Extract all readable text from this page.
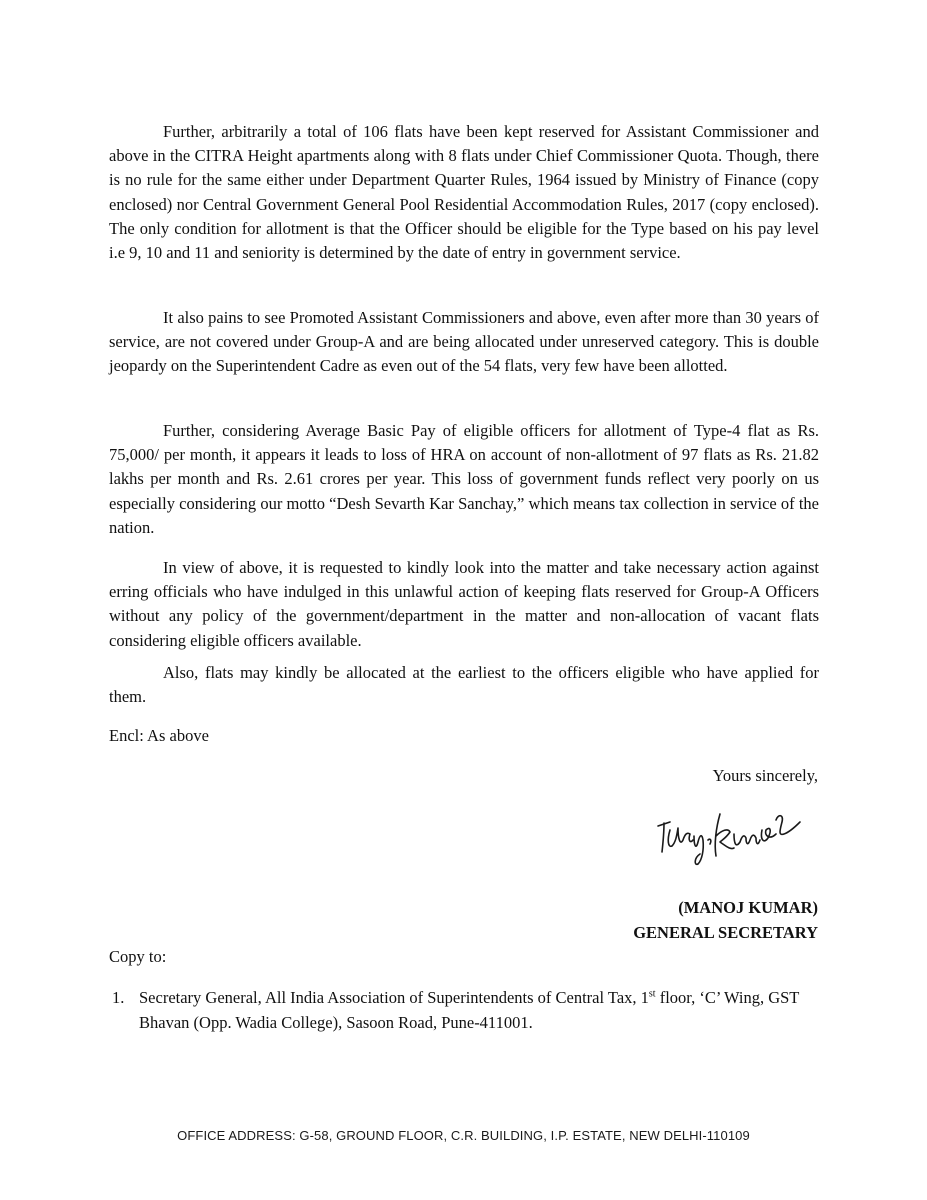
Further, arbitrarily a total of 106 flats have been kept reserved for Assistant Commissioner and above in the CITRA Height apartments along with 8 flats under Chief Commissioner Quota. Though, there is no rule for the same either under Department Quarter Rules, 1964 issued by Ministry of Finance (copy enclosed) nor Central Government General Pool Residential Accommodation Rules, 2017 (copy enclosed). The only condition for allotment is that the Officer should be eligible for the Type based on his pay level i.e 9, 10 and 11 and seniority is determined by the date of entry in government service.

It also pains to see Promoted Assistant Commissioners and above, even after more than 30 years of service, are not covered under Group-A and are being allocated under unreserved category. This is double jeopardy on the Superintendent Cadre as even out of the 54 flats, very few have been allotted.

Further, considering Average Basic Pay of eligible officers for allotment of Type-4 flat as Rs. 75,000/ per month, it appears it leads to loss of HRA on account of non-allotment of 97 flats as Rs. 21.82 lakhs per month and Rs. 2.61 crores per year. This loss of government funds reflect very poorly on us especially considering our motto “Desh Sevarth Kar Sanchay,” which means tax collection in service of the nation.

In view of above, it is requested to kindly look into the matter and take necessary action against erring officials who have indulged in this unlawful action of keeping flats reserved for Group-A Officers without any policy of the government/department in the matter and non-allocation of vacant flats considering eligible officers available.

Also, flats may kindly be allocated at the earliest to the officers eligible who have applied for them.

Encl: As above

Yours sincerely,

( MANOJ KUMAR )
GENERAL SECRETARY

Copy to:

1. Secretary General, All India Association of Superintendents of Central Tax, 1st floor, ‘C’ Wing, GST Bhavan (Opp. Wadia College), Sasoon Road, Pune-411001.

OFFICE ADDRESS: G-58, GROUND FLOOR, C.R. BUILDING, I.P. ESTATE, NEW DELHI-110109
